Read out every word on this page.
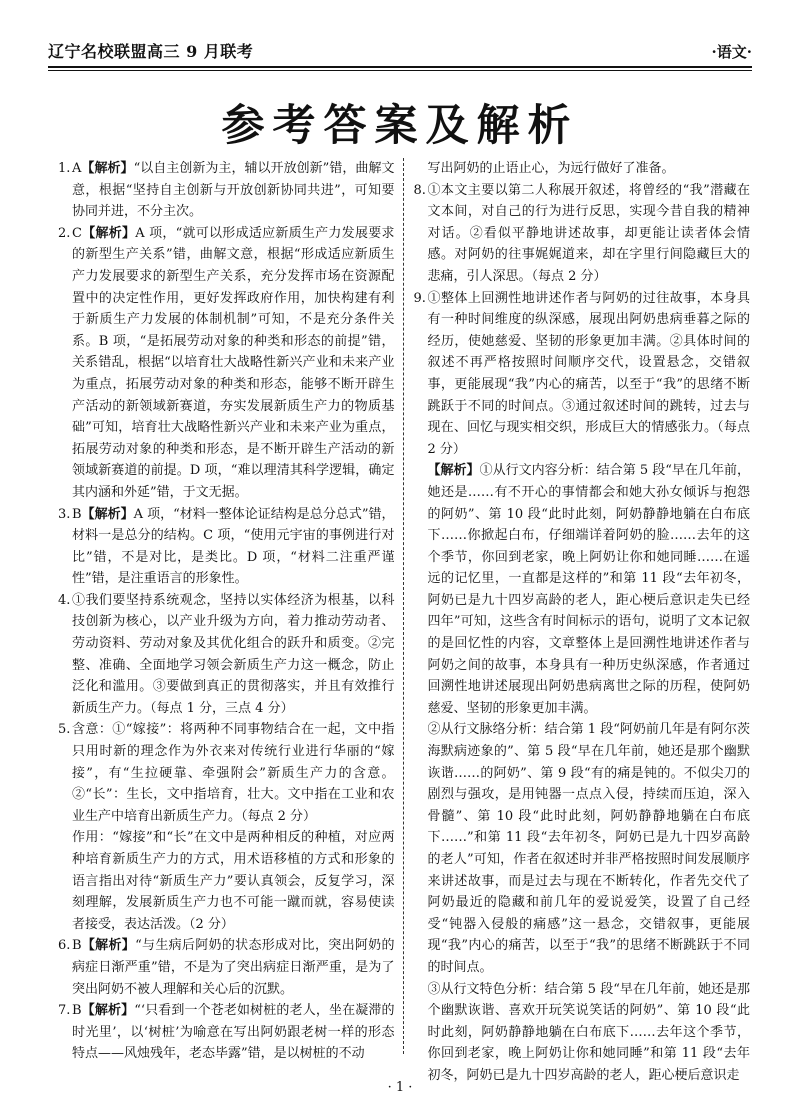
辽宁名校联盟高三 9 月联考	·语文·
参考答案及解析
1. A【解析】“以自主创新为主，辅以开放创新”错，曲解文意，根据“坚持自主创新与开放创新协同共进”，可知要协同并进，不分主次。
2. C【解析】A 项，“就可以形成适应新质生产力发展要求的新型生产关系”错，曲解文意，根据“形成适应新质生产力发展要求的新型生产关系，充分发挥市场在资源配置中的决定性作用，更好发挥政府作用，加快构建有利于新质生产力发展的体制机制”可知，不是充分条件关系。B 项，“是拓展劳动对象的种类和形态的前提”错，关系错乱，根据“以培育壮大战略性新兴产业和未来产业为重点，拓展劳动对象的种类和形态，能够不断开辟生产活动的新领域新赛道，夯实发展新质生产力的物质基础”可知，培育壮大战略性新兴产业和未来产业为重点，拓展劳动对象的种类和形态，是不断开辟生产活动的新领域新赛道的前提。D 项，“难以理清其科学逻辑，确定其内涵和外延”错，于文无据。
3. B【解析】A 项，“材料一整体论证结构是总分总式”错，材料一是总分的结构。C 项，“使用元宇宙的事例进行对比”错，不是对比，是类比。D 项，“材料二注重严谨性”错，是注重语言的形象性。
4. ①我们要坚持系统观念，坚持以实体经济为根基，以科技创新为核心，以产业升级为方向，着力推动劳动者、劳动资料、劳动对象及其优化组合的跃升和质变。②完整、准确、全面地学习领会新质生产力这一概念，防止泛化和滥用。③要做到真正的贯彻落实，并且有效推行新质生产力。（每点 1 分，三点 4 分）
5. 含意：①“嫁接”：将两种不同事物结合在一起，文中指只用时新的理念作为外衣来对传统行业进行华丽的“嫁接”，有“生拉硬靠、牵强附会”新质生产力的含意。②“长”：生长，文中指培育，壮大。文中指在工业和农业生产中培育出新质生产力。（每点 2 分）
作用：“嫁接”和“长”在文中是两种相反的种植，对应两种培育新质生产力的方式，用术语移植的方式和形象的语言指出对待“新质生产力”要认真领会，反复学习，深刻理解，发展新质生产力也不可能一蹴而就，容易使读者接受，表达活泼。（2 分）
6. B【解析】“与生病后阿奶的状态形成对比，突出阿奶的病症日渐严重”错，不是为了突出病症日渐严重，是为了突出阿奶不被人理解和关心后的沉默。
7. B【解析】“‘只看到一个苍老如树桩的老人，坐在凝滞的时光里’，以‘树桩’为喻意在写出阿奶跟老树一样的形态特点——风烛残年，老态毕露”错，是以树桩的不动
写出阿奶的止语止心，为远行做好了准备。
8. ①本文主要以第二人称展开叙述，将曾经的“我”潜藏在文本间，对自己的行为进行反思，实现今昔自我的精神对话。②看似平静地讲述故事，却更能让读者体会情感。对阿奶的往事娓娓道来，却在字里行间隐藏巨大的悲痛，引人深思。（每点 2 分）
9. ①整体上回溯性地讲述作者与阿奶的过往故事，本身具有一种时间维度的纵深感，展现出阿奶患病垂暮之际的经历，使她慈爱、坚韧的形象更加丰满。②具体时间的叙述不再严格按照时间顺序交代，设置悬念，交错叙事，更能展现“我”内心的痛苦，以至于“我”的思绪不断跳跃于不同的时间点。③通过叙述时间的跳转，过去与现在、回忆与现实相交织，形成巨大的情感张力。（每点 2 分）
【解析】①从行文内容分析：结合第 5 段“早在几年前，她还是……有不开心的事情都会和她大孙女倾诉与抱怨的阿奶”、第 10 段“此时此刻，阿奶静静地躺在白布底下……你掀起白布，仔细端详着阿奶的脸……去年的这个季节，你回到老家，晚上阿奶让你和她同睡……在遥远的记忆里，一直都是这样的”和第 11 段“去年初冬，阿奶已是九十四岁高龄的老人，距心梗后意识走失已经四年”可知，这些含有时间标示的语句，说明了文本记叙的是回忆性的内容，文章整体上是回溯性地讲述作者与阿奶之间的故事，本身具有一种历史纵深感，作者通过回溯性地讲述展现出阿奶患病离世之际的历程，使阿奶慈爱、坚韧的形象更加丰满。
②从行文脉络分析：结合第 1 段“阿奶前几年是有阿尔茨海默病迹象的”、第 5 段“早在几年前，她还是那个幽默诙谐……的阿奶”、第 9 段“有的痛是钝的。不似尖刀的剧烈与强攻，是用钝器一点点入侵，持续而压迫，深入骨髓”、第 10 段“此时此刻，阿奶静静地躺在白布底下……”和第 11 段“去年初冬，阿奶已是九十四岁高龄的老人”可知，作者在叙述时并非严格按照时间发展顺序来讲述故事，而是过去与现在不断转化，作者先交代了阿奶最近的隐藏和前几年的爱说爱笑，设置了自己经受“钝器入侵般的痛感”这一悬念，交错叙事，更能展现“我”内心的痛苦，以至于“我”的思绪不断跳跃于不同的时间点。
③从行文特色分析：结合第 5 段“早在几年前，她还是那个幽默诙谐、喜欢开玩笑说笑话的阿奶”、第 10 段“此时此刻，阿奶静静地躺在白布底下……去年这个季节，你回到老家，晚上阿奶让你和她同睡”和第 11 段“去年初冬，阿奶已是九十四岁高龄的老人，距心梗后意识走
· 1 ·
